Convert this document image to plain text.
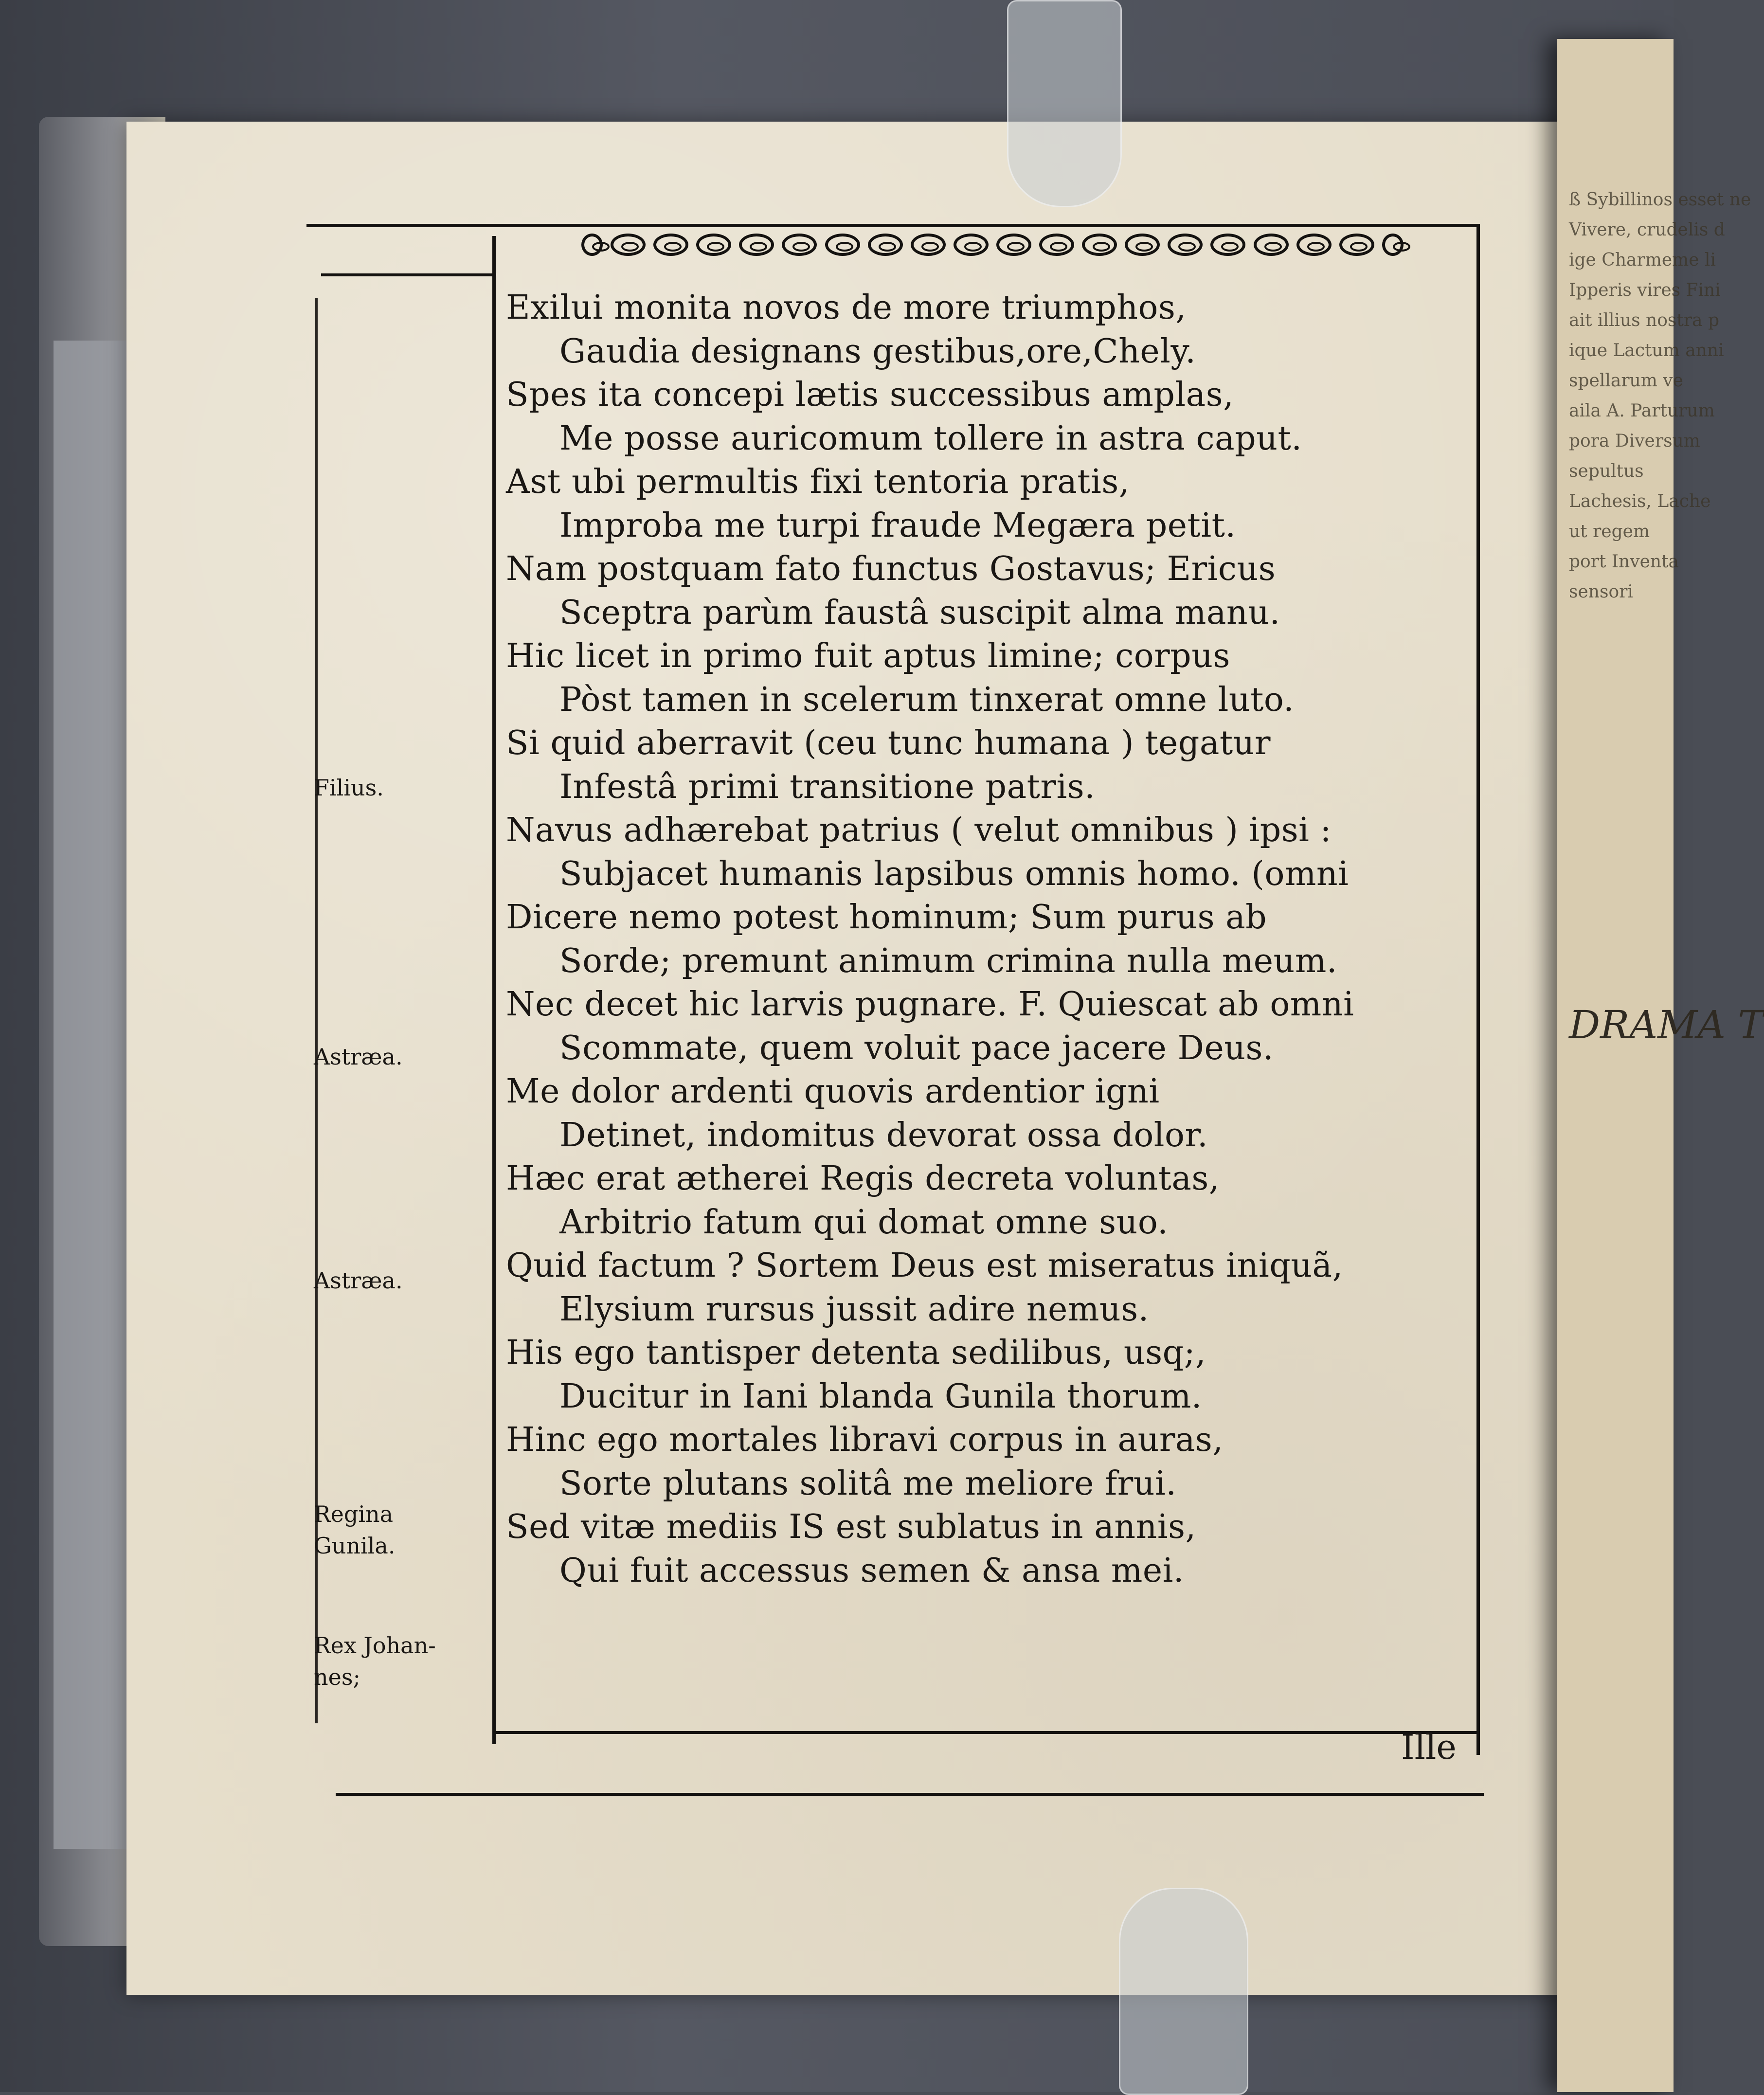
ß Sybillinos esset ne
Vivere, crudelis d
ige Charmeme li
Ipperis vires Fini
ait illius nostra p
ique Lactum anni
spellarum ve
aila A. Parturum
pora Diversum
sepultus
Lachesis, Lache
ut regem
port Inventa
sensori
DRAMA T
Exilui monita novos de more triumphos,
Gaudia designans gestibus,ore,Chely.
Spes ita concepi lætis successibus amplas,
Me posse auricomum tollere in astra caput.
Ast ubi permultis fixi tentoria pratis,
Improba me turpi fraude Megæra petit.
Nam postquam fato functus Gostavus; Ericus
Sceptra parùm faustâ suscipit alma manu.
Hic licet in primo fuit aptus limine; corpus
Pòst tamen in scelerum tinxerat omne luto.
Si quid aberravit (ceu tunc humana ) tegatur
Infestâ primi transitione patris.
Navus adhærebat patrius ( velut omnibus ) ipsi :
Subjacet humanis lapsibus omnis homo. (omni
Dicere nemo potest hominum; Sum purus ab
Sorde; premunt animum crimina nulla meum.
Nec decet hic larvis pugnare. F. Quiescat ab omni
Scommate, quem voluit pace jacere Deus.
Me dolor ardenti quovis ardentior igni
Detinet, indomitus devorat ossa dolor.
Hæc erat ætherei Regis decreta voluntas,
Arbitrio fatum qui domat omne suo.
Quid factum ? Sortem Deus est miseratus iniquã,
Elysium rursus jussit adire nemus.
His ego tantisper detenta sedilibus, usq;,
Ducitur in Iani blanda Gunila thorum.
Hinc ego mortales libravi corpus in auras,
Sorte plutans solitâ me meliore frui.
Sed vitæ mediis IS est sublatus in annis,
Qui fuit accessus semen & ansa mei.
Filius.
Astræa.
Astræa.
Regina
Gunila.
Rex Johan-
nes;
Ille
